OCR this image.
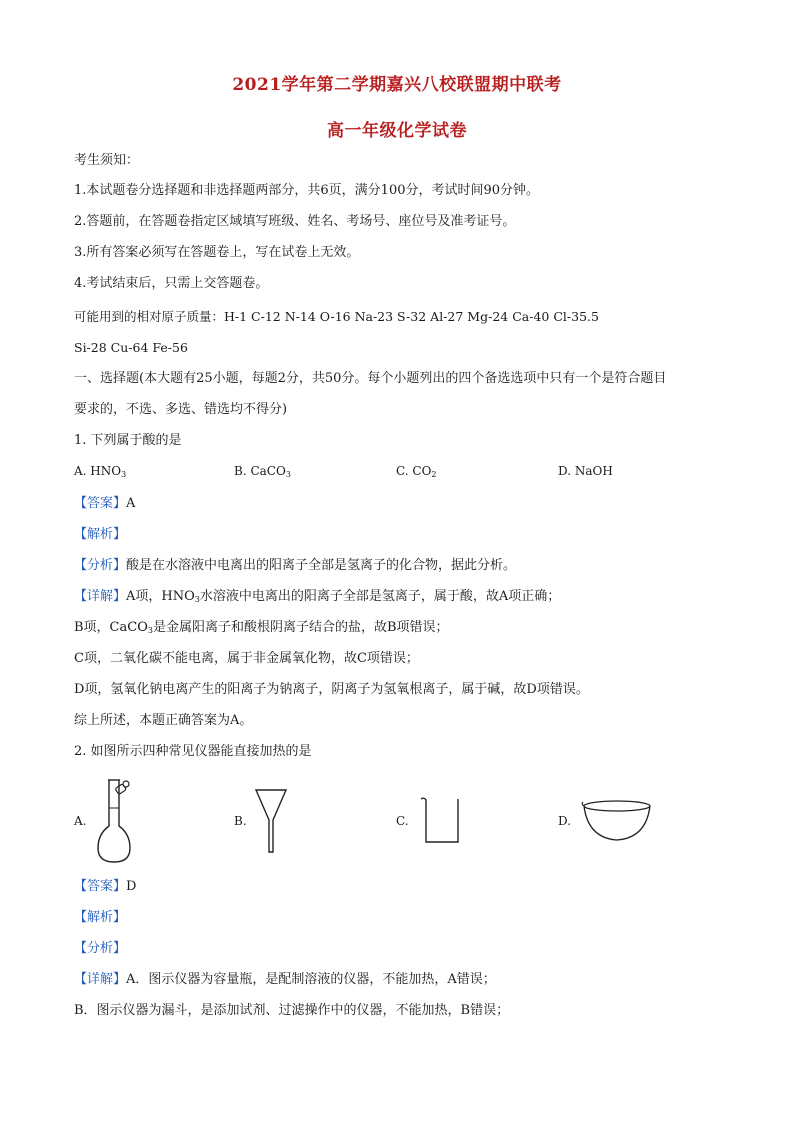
2021学年第二学期嘉兴八校联盟期中联考
高一年级化学试卷
考生须知：
1.本试题卷分选择题和非选择题两部分，共6页，满分100分，考试时间90分钟。
2.答题前，在答题卷指定区域填写班级、姓名、考场号、座位号及准考证号。
3.所有答案必须写在答题卷上，写在试卷上无效。
4.考试结束后，只需上交答题卷。
可能用到的相对原子质量：H-1 C-12 N-14 O-16 Na-23 S-32 Al-27 Mg-24 Ca-40 Cl-35.5
Si-28 Cu-64 Fe-56
一、选择题(本大题有25小题，每题2分，共50分。每个小题列出的四个备选选项中只有一个是符合题目
要求的，不选、多选、错选均不得分)
1. 下列属于酸的是
A. $HNO_3$	B. CaCO$_3$	C. $CO_2$	D. NaOH
【答案】A
【解析】
【分析】酸是在水溶液中电离出的阳离子全部是氢离子的化合物，据此分析。
【详解】A项，$HNO_3$水溶液中电离出的阳离子全部是氢离子，属于酸，故A项正确；
B项，CaCO$_3$是金属阳离子和酸根阴离子结合的盐，故B项错误；
C项，二氧化碳不能电离，属于非金属氧化物，故C项错误；
D项，氢氧化钠电离产生的阳离子为钠离子，阴离子为氢氧根离子，属于碱，故D项错误。
综上所述，本题正确答案为A。
2. 如图所示四种常见仪器能直接加热的是
A.	B.	C.	D.
【答案】D
【解析】
【分析】
【详解】A．图示仪器为容量瓶，是配制溶液的仪器，不能加热，A错误；
B．图示仪器为漏斗，是添加试剂、过滤操作中的仪器，不能加热，B错误；
